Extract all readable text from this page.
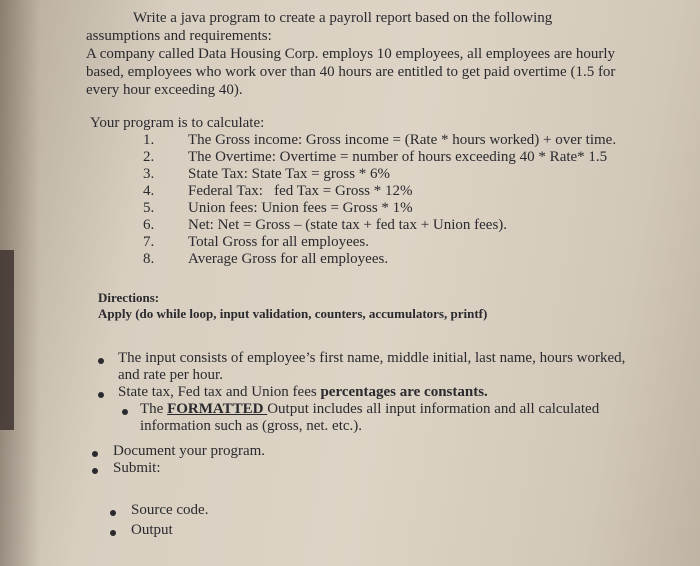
Write a java program to create a payroll report based on the following

assumptions and requirements:

A company called Data Housing Corp. employs 10 employees, all employees are hourly

based, employees who work over than 40 hours are entitled to get paid overtime (1.5 for

every hour exceeding 40).

Your program is to calculate:

1. The Gross income: Gross income = (Rate * hours worked) + over time.

2. The Overtime: Overtime = number of hours exceeding 40 * Rate* 1.5

3. State Tax: State Tax = gross * 6%

4. Federal Tax:   fed Tax = Gross * 12%

5. Union fees: Union fees = Gross * 1%

6. Net: Net = Gross – (state tax + fed tax + Union fees).

7. Total Gross for all employees.

8. Average Gross for all employees.

Directions:

Apply (do while loop, input validation, counters, accumulators, printf)

The input consists of employee’s first name, middle initial, last name, hours worked,

and rate per hour.

State tax, Fed tax and Union fees percentages are constants.

The FORMATTED Output includes all input information and all calculated

information such as (gross, net. etc.).

Document your program.

Submit:

Source code.

Output
